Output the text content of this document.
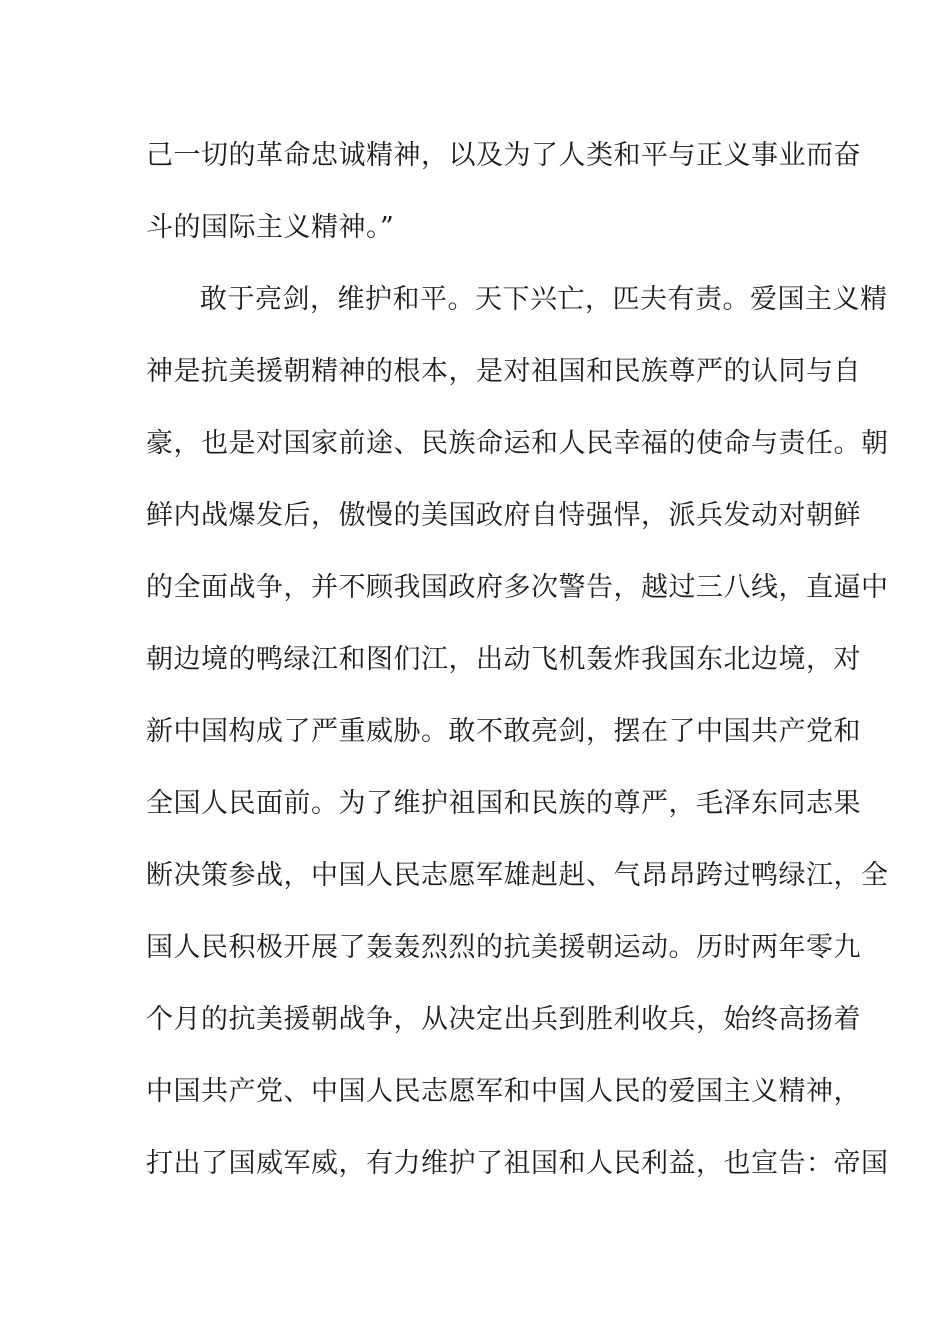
己一切的革命忠诚精神，以及为了人类和平与正义事业而奋
斗的国际主义精神。”
敢于亮剑，维护和平。天下兴亡，匹夫有责。爱国主义精
神是抗美援朝精神的根本，是对祖国和民族尊严的认同与自
豪，也是对国家前途、民族命运和人民幸福的使命与责任。朝
鲜内战爆发后，傲慢的美国政府自恃强悍，派兵发动对朝鲜
的全面战争，并不顾我国政府多次警告，越过三八线，直逼中
朝边境的鸭绿江和图们江，出动飞机轰炸我国东北边境，对
新中国构成了严重威胁。敢不敢亮剑，摆在了中国共产党和
全国人民面前。为了维护祖国和民族的尊严，毛泽东同志果
断决策参战，中国人民志愿军雄赳赳、气昂昂跨过鸭绿江，全
国人民积极开展了轰轰烈烈的抗美援朝运动。历时两年零九
个月的抗美援朝战争，从决定出兵到胜利收兵，始终高扬着
中国共产党、中国人民志愿军和中国人民的爱国主义精神，
打出了国威军威，有力维护了祖国和人民利益，也宣告：帝国
